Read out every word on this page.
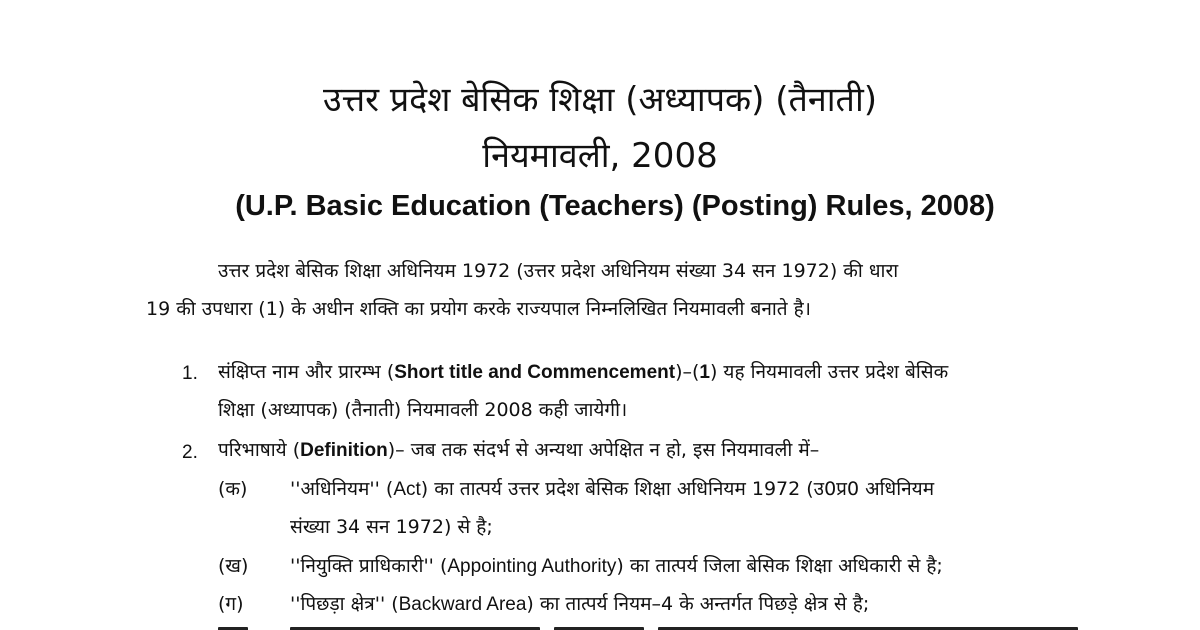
उत्तर प्रदेश बेसिक शिक्षा (अध्यापक) (तैनाती)
नियमावली, 2008
(U.P. Basic Education (Teachers) (Posting) Rules, 2008)
उत्तर प्रदेश बेसिक शिक्षा अधिनियम 1972 (उत्तर प्रदेश अधिनियम संख्या 34 सन 1972) की धारा
19 की उपधारा (1) के अधीन शक्ति का प्रयोग करके राज्यपाल निम्नलिखित नियमावली बनाते है।
1. संक्षिप्त नाम और प्रारम्भ (Short title and Commencement)–(1) यह नियमावली उत्तर प्रदेश बेसिक
शिक्षा (अध्यापक) (तैनाती) नियमावली 2008 कही जायेगी।
2. परिभाषाये (Definition)– जब तक संदर्भ से अन्यथा अपेक्षित न हो, इस नियमावली में–
(क) ''अधिनियम'' (Act) का तात्पर्य उत्तर प्रदेश बेसिक शिक्षा अधिनियम 1972 (उ0प्र0 अधिनियम
संख्या 34 सन 1972) से है;
(ख) ''नियुक्ति प्राधिकारी'' (Appointing Authority) का तात्पर्य जिला बेसिक शिक्षा अधिकारी से है;
(ग) ''पिछड़ा क्षेत्र'' (Backward Area) का तात्पर्य नियम–4 के अन्तर्गत पिछड़े क्षेत्र से है;
